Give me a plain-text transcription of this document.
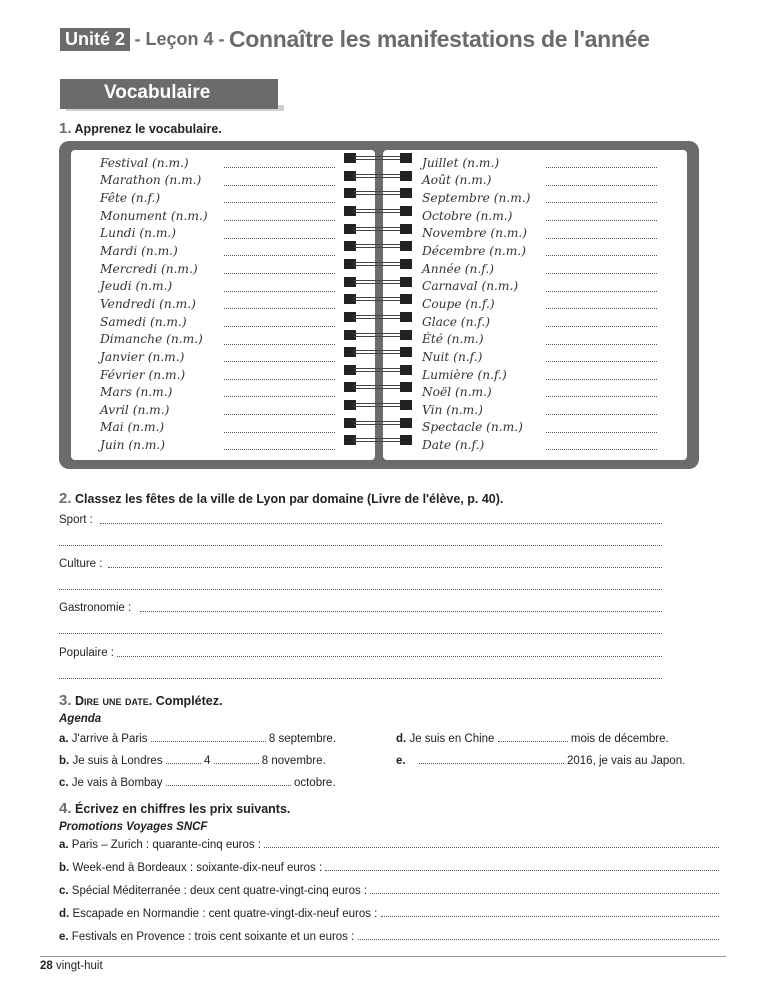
Unité 2 - Leçon 4 - Connaître les manifestations de l'année
Vocabulaire
1. Apprenez le vocabulaire.
Festival (n.m.)
Marathon (n.m.)
Fête (n.f.)
Monument (n.m.)
Lundi (n.m.)
Mardi (n.m.)
Mercredi (n.m.)
Jeudi (n.m.)
Vendredi (n.m.)
Samedi (n.m.)
Dimanche (n.m.)
Janvier (n.m.)
Février (n.m.)
Mars (n.m.)
Avril (n.m.)
Mai (n.m.)
Juin (n.m.)
Juillet (n.m.)
Août (n.m.)
Septembre (n.m.)
Octobre (n.m.)
Novembre (n.m.)
Décembre (n.m.)
Année (n.f.)
Carnaval (n.m.)
Coupe (n.f.)
Glace (n.f.)
Été (n.m.)
Nuit (n.f.)
Lumière (n.f.)
Noël (n.m.)
Vin (n.m.)
Spectacle (n.m.)
Date (n.f.)
2. Classez les fêtes de la ville de Lyon par domaine (Livre de l'élève, p. 40).
Sport :
Culture :
Gastronomie :
Populaire :
3. Dire une date. Complétez.
Agenda
a. J'arrive à Paris	8 septembre.
b. Je suis à Londres	4	8 novembre.
c. Je vais à Bombay	octobre.
d. Je suis en Chine	mois de décembre.
e.	2016, je vais au Japon.
4. Écrivez en chiffres les prix suivants.
Promotions Voyages SNCF
a. Paris – Zurich : quarante-cinq euros :
b. Week-end à Bordeaux : soixante-dix-neuf euros :
c. Spécial Méditerranée : deux cent quatre-vingt-cinq euros :
d. Escapade en Normandie : cent quatre-vingt-dix-neuf euros :
e. Festivals en Provence : trois cent soixante et un euros :
28 vingt-huit
